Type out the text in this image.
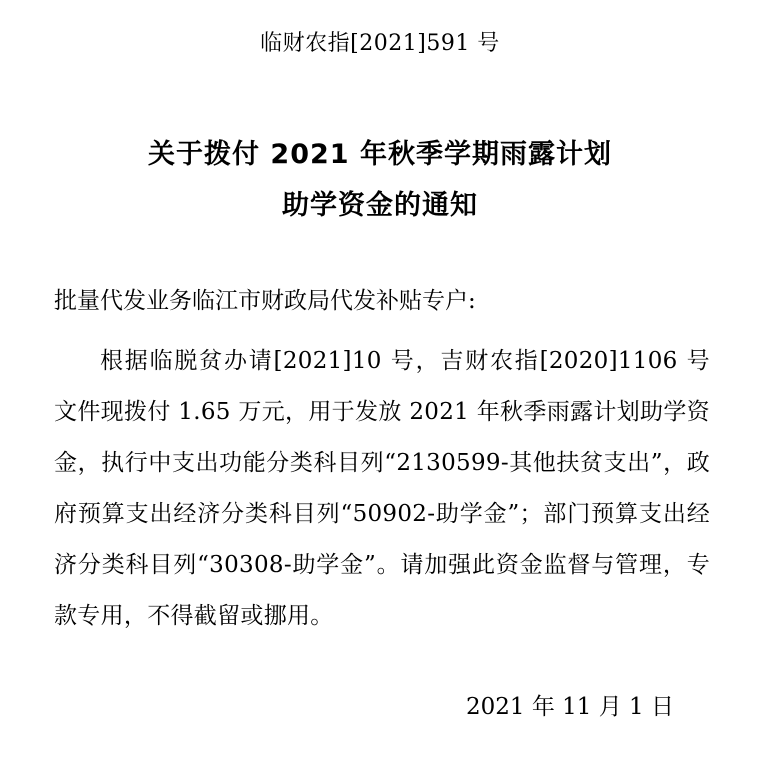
临财农指[2021]591 号

关于拨付 2021 年秋季学期雨露计划
助学资金的通知

批量代发业务临江市财政局代发补贴专户:

根据临脱贫办请[2021]10 号，吉财农指[2020]1106 号文件现拨付 1.65 万元，用于发放 2021 年秋季雨露计划助学资金，执行中支出功能分类科目列“2130599-其他扶贫支出”，政府预算支出经济分类科目列“50902-助学金”；部门预算支出经济分类科目列“30308-助学金”。请加强此资金监督与管理，专款专用，不得截留或挪用。

2021 年 11 月 1 日
